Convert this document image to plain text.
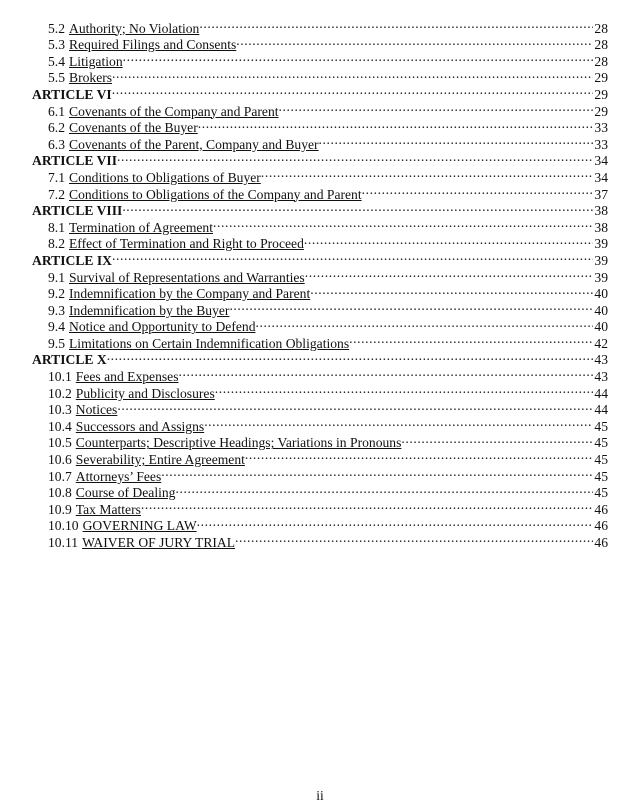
5.2 Authority; No Violation .....	28
5.3 Required Filings and Consents .....	28
5.4 Litigation .....	28
5.5 Brokers .....	29
ARTICLE VI .....	29
6.1 Covenants of the Company and Parent .....	29
6.2 Covenants of the Buyer .....	33
6.3 Covenants of the Parent, Company and Buyer .....	33
ARTICLE VII .....	34
7.1 Conditions to Obligations of Buyer .....	34
7.2 Conditions to Obligations of the Company and Parent .....	37
ARTICLE VIII .....	38
8.1 Termination of Agreement .....	38
8.2 Effect of Termination and Right to Proceed .....	39
ARTICLE IX .....	39
9.1 Survival of Representations and Warranties .....	39
9.2 Indemnification by the Company and Parent .....	40
9.3 Indemnification by the Buyer .....	40
9.4 Notice and Opportunity to Defend .....	40
9.5 Limitations on Certain Indemnification Obligations .....	42
ARTICLE X .....	43
10.1 Fees and Expenses .....	43
10.2 Publicity and Disclosures .....	44
10.3 Notices .....	44
10.4 Successors and Assigns .....	45
10.5 Counterparts; Descriptive Headings; Variations in Pronouns .....	45
10.6 Severability; Entire Agreement .....	45
10.7 Attorneys’ Fees .....	45
10.8 Course of Dealing .....	45
10.9 Tax Matters .....	46
10.10 GOVERNING LAW .....	46
10.11 WAIVER OF JURY TRIAL .....	46
ii
